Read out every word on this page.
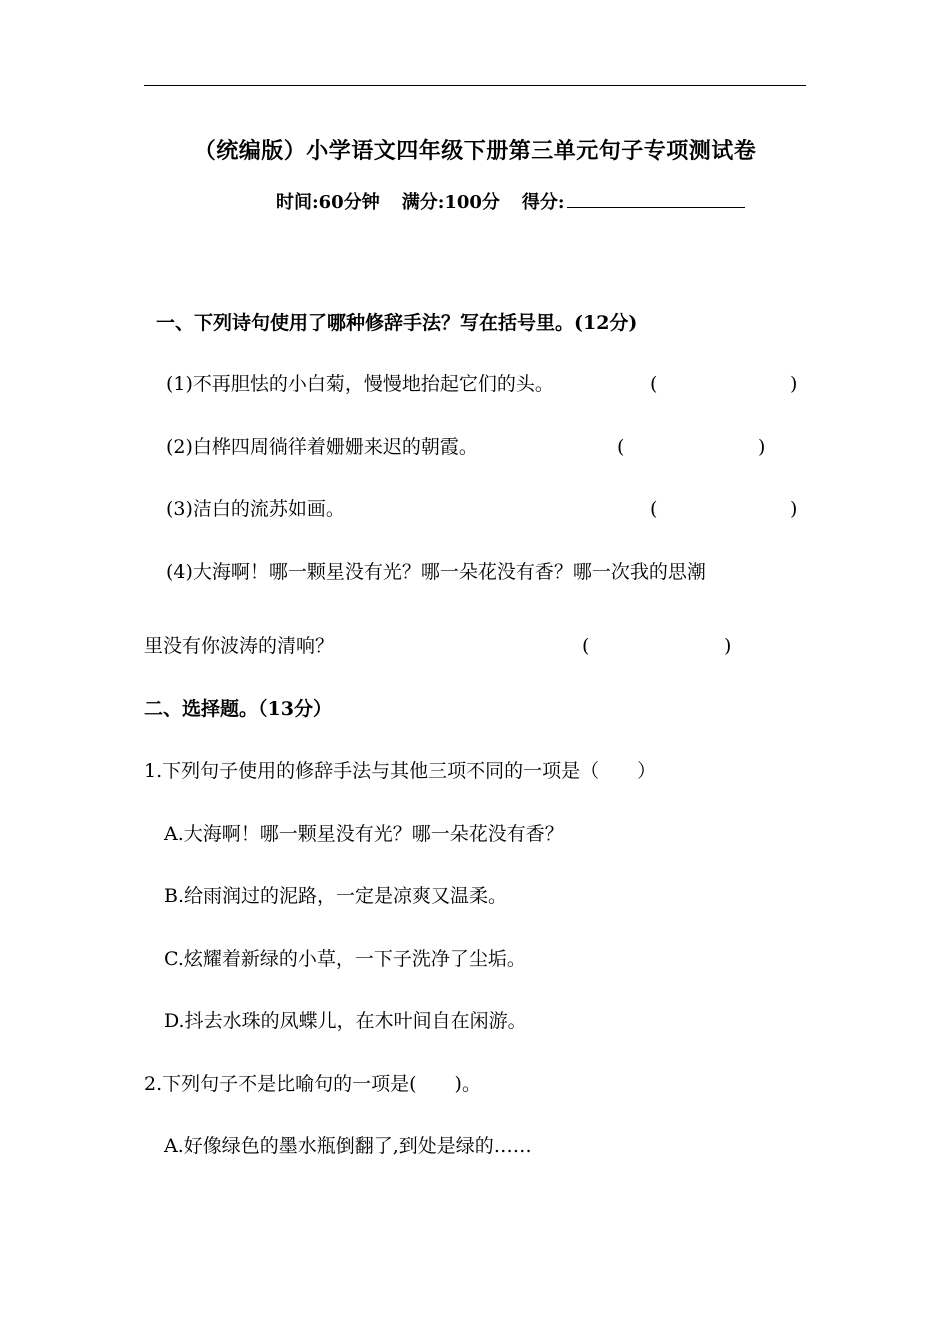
（统编版）小学语文四年级下册第三单元句子专项测试卷
时间:60分钟 满分:100分 得分:
一、下列诗句使用了哪种修辞手法？写在括号里。(12分)
(1)不再胆怯的小白菊，慢慢地抬起它们的头。	(	)
(2)白桦四周徜徉着姗姗来迟的朝霞。	(	)
(3)洁白的流苏如画。	(	)
(4)大海啊！哪一颗星没有光？哪一朵花没有香？哪一次我的思潮
里没有你波涛的清响？	(	)
二、选择题。（13分）
1.下列句子使用的修辞手法与其他三项不同的一项是（　　）
A.大海啊！哪一颗星没有光？哪一朵花没有香？
B.给雨润过的泥路，一定是凉爽又温柔。
C.炫耀着新绿的小草，一下子洗净了尘垢。
D.抖去水珠的凤蝶儿，在木叶间自在闲游。
2.下列句子不是比喻句的一项是(　　)。
A.好像绿色的墨水瓶倒翻了,到处是绿的……
